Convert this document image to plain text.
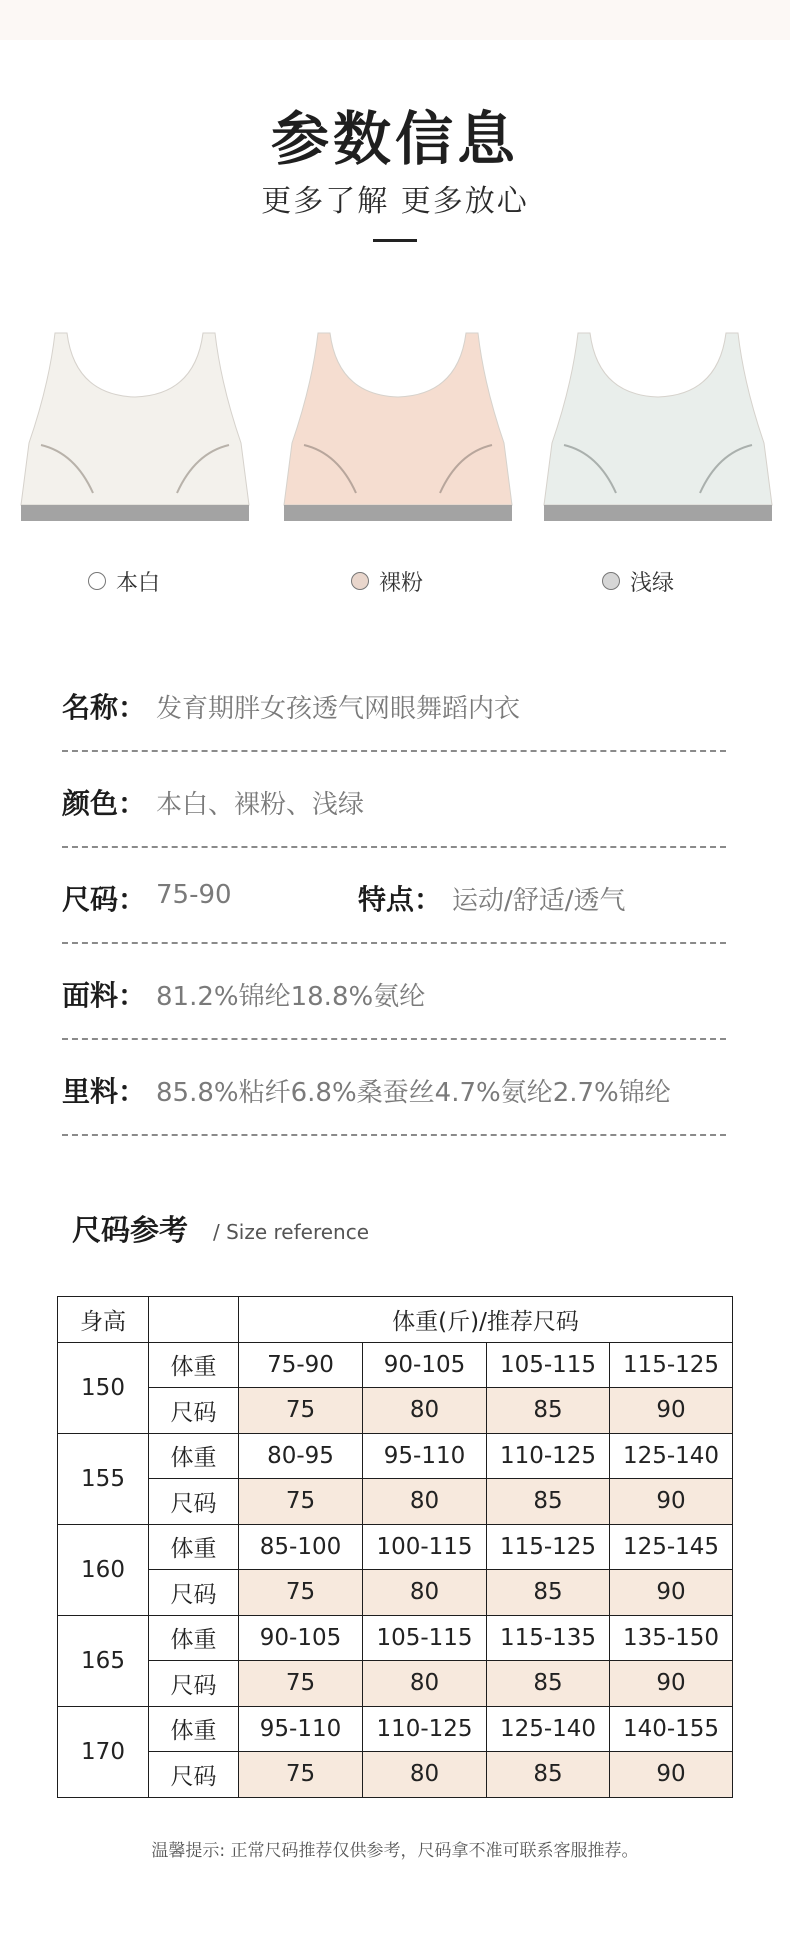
参数信息
更多了解 更多放心
本白	裸粉	浅绿
名称： 发育期胖女孩透气网眼舞蹈内衣
颜色： 本白、裸粉、浅绿
尺码： 75-90	特点： 运动/舒适/透气
面料： 81.2%锦纶18.8%氨纶
里料： 85.8%粘纤6.8%桑蚕丝4.7%氨纶2.7%锦纶
尺码参考 / Size reference
身高		体重(斤)/推荐尺码			
150	体重	75-90	90-105	105-115	115-125
	尺码	75	80	85	90
155	体重	80-95	95-110	110-125	125-140
	尺码	75	80	85	90
160	体重	85-100	100-115	115-125	125-145
	尺码	75	80	85	90
165	体重	90-105	105-115	115-135	135-150
	尺码	75	80	85	90
170	体重	95-110	110-125	125-140	140-155
	尺码	75	80	85	90
温馨提示: 正常尺码推荐仅供参考，尺码拿不准可联系客服推荐。
